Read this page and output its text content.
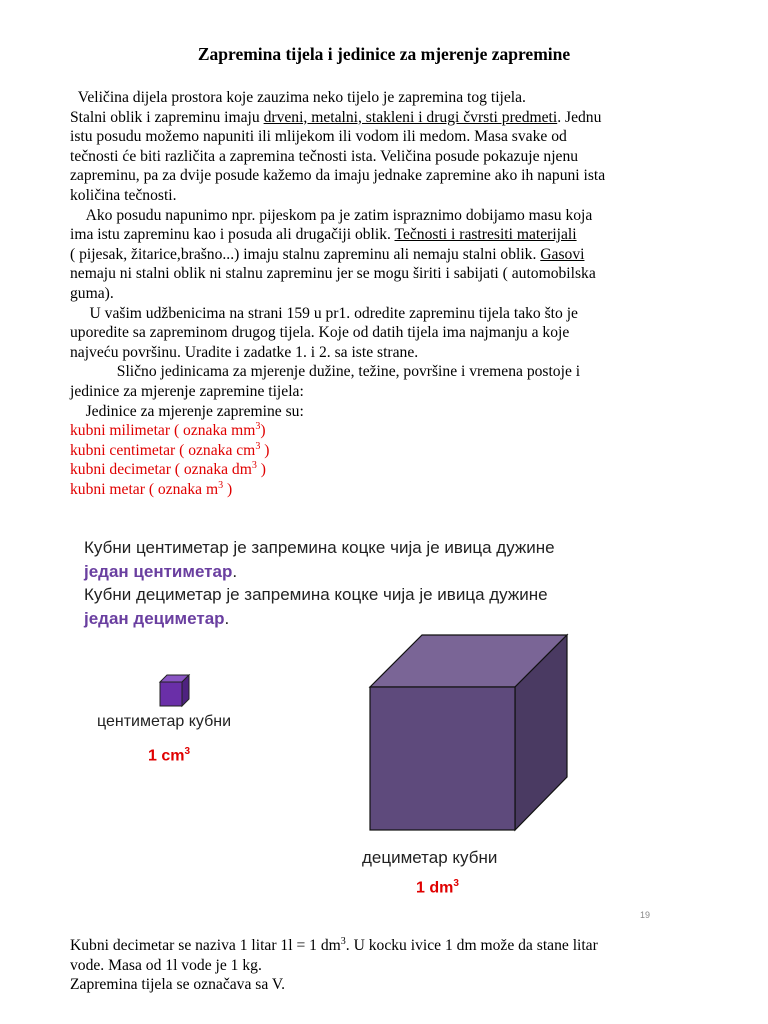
Zapremina tijela i jedinice za mjerenje zapremine

Veličina dijela prostora koje zauzima neko tijelo je zapremina tog tijela.

Stalni oblik i zapreminu imaju drveni, metalni, stakleni i drugi čvrsti predmeti. Jednu

istu posudu možemo napuniti ili mlijekom ili vodom ili medom. Masa svake od

tečnosti će biti različita a zapremina tečnosti ista. Veličina posude pokazuje njenu

zapreminu, pa za dvije posude kažemo da imaju jednake zapremine ako ih napuni ista

količina tečnosti.

Ako posudu napunimo npr. pijeskom pa je zatim ispraznimo dobijamo masu koja

ima istu zapreminu kao i posuda ali drugačiji oblik. Tečnosti i rastresiti materijali

( pijesak, žitarice,brašno...) imaju stalnu zapreminu ali nemaju stalni oblik. Gasovi

nemaju ni stalni oblik ni stalnu zapreminu jer se mogu širiti i sabijati ( automobilska

guma).

U vašim udžbenicima na strani 159 u pr1. odredite zapreminu tijela tako što je

uporedite sa zapreminom drugog tijela. Koje od datih tijela ima najmanju a koje

najveću površinu. Uradite i zadatke 1. i 2. sa iste strane.

Slično jedinicama za mjerenje dužine, težine, površine i vremena postoje i

jedinice za mjerenje zapremine tijela:

Jedinice za mjerenje zapremine su:

kubni milimetar ( oznaka $mm^3$)

kubni centimetar ( oznaka $cm^3$ )

kubni decimetar ( oznaka $dm^3$ )

kubni metar ( oznaka $m^3$ )

Кубни центиметар је запремина коцке чија је ивица дужине

један центиметар.

Кубни дециметар је запремина коцке чија је ивица дужине

један дециметар.

центиметар кубни
1 $cm^3$
дециметар кубни
1 $dm^3$
19

Kubni decimetar se naziva 1 litar 1l = 1 $dm^3$. U kocku ivice 1 dm može da stane litar

vode. Masa od 1l vode je 1 kg.

Zapremina tijela se označava sa V.
